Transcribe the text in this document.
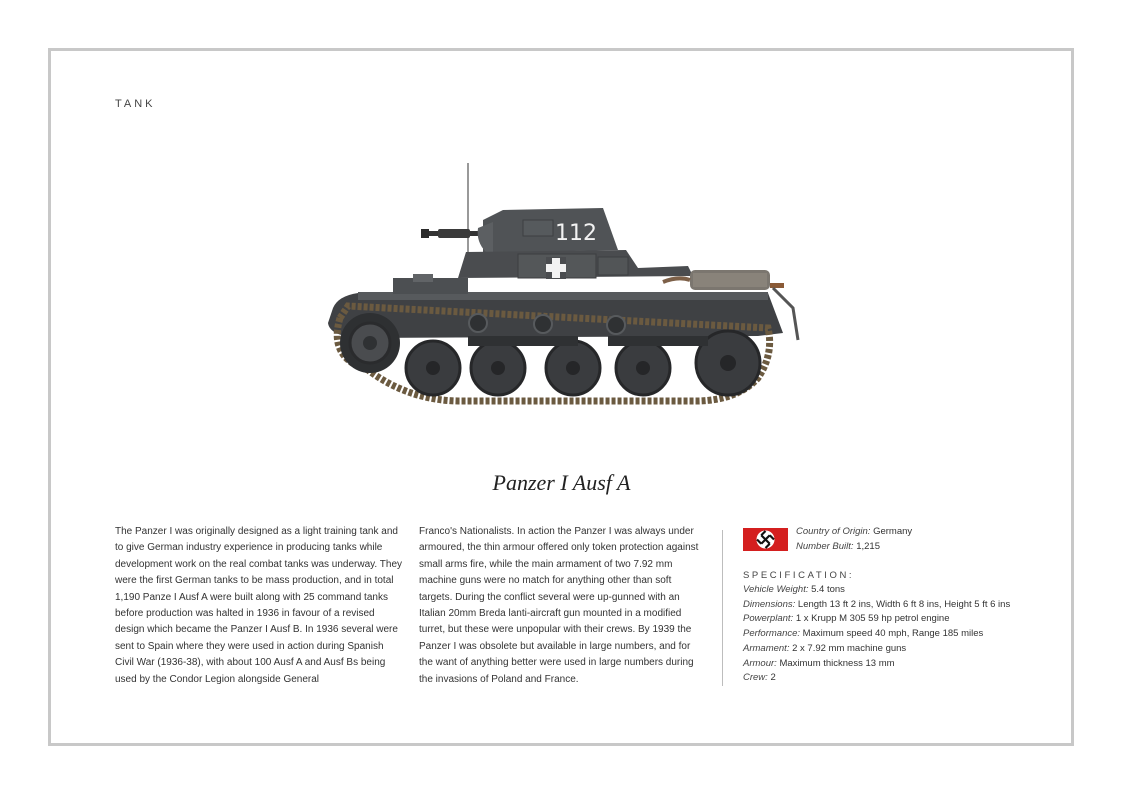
TANK
112
Panzer I Ausf A
The Panzer I was originally designed as a light training tank and to give German industry experience in producing tanks while development work on the real combat tanks was underway. They were the first German tanks to be mass production, and in total 1,190 Panze I Ausf A were built along with 25 command tanks before production was halted in 1936 in favour of a revised design which became the Panzer I Ausf B. In 1936 several were sent to Spain where they were used in action during Spanish Civil War (1936-38), with about 100 Ausf A and Ausf Bs being used by the Condor Legion alongside General
Franco's Nationalists. In action the Panzer I was always under armoured, the thin armour offered only token protection against small arms fire, while the main armament of two 7.92 mm machine guns were no match for anything other than soft targets. During the conflict several were up-gunned with an Italian 20mm Breda lanti-aircraft gun mounted in a modified turret, but these were unpopular with their crews. By 1939 the Panzer I was obsolete but available in large numbers, and for the want of anything better were used in large numbers during the invasions of Poland and France.
Country of Origin: Germany
Number Built: 1,215
SPECIFICATION:
Vehicle Weight: 5.4 tons
Dimensions: Length 13 ft 2 ins, Width 6 ft 8 ins, Height 5 ft 6 ins
Powerplant: 1 x Krupp M 305 59 hp petrol engine
Performance: Maximum speed 40 mph, Range 185 miles
Armament: 2 x 7.92 mm machine guns
Armour: Maximum thickness 13 mm
Crew: 2
